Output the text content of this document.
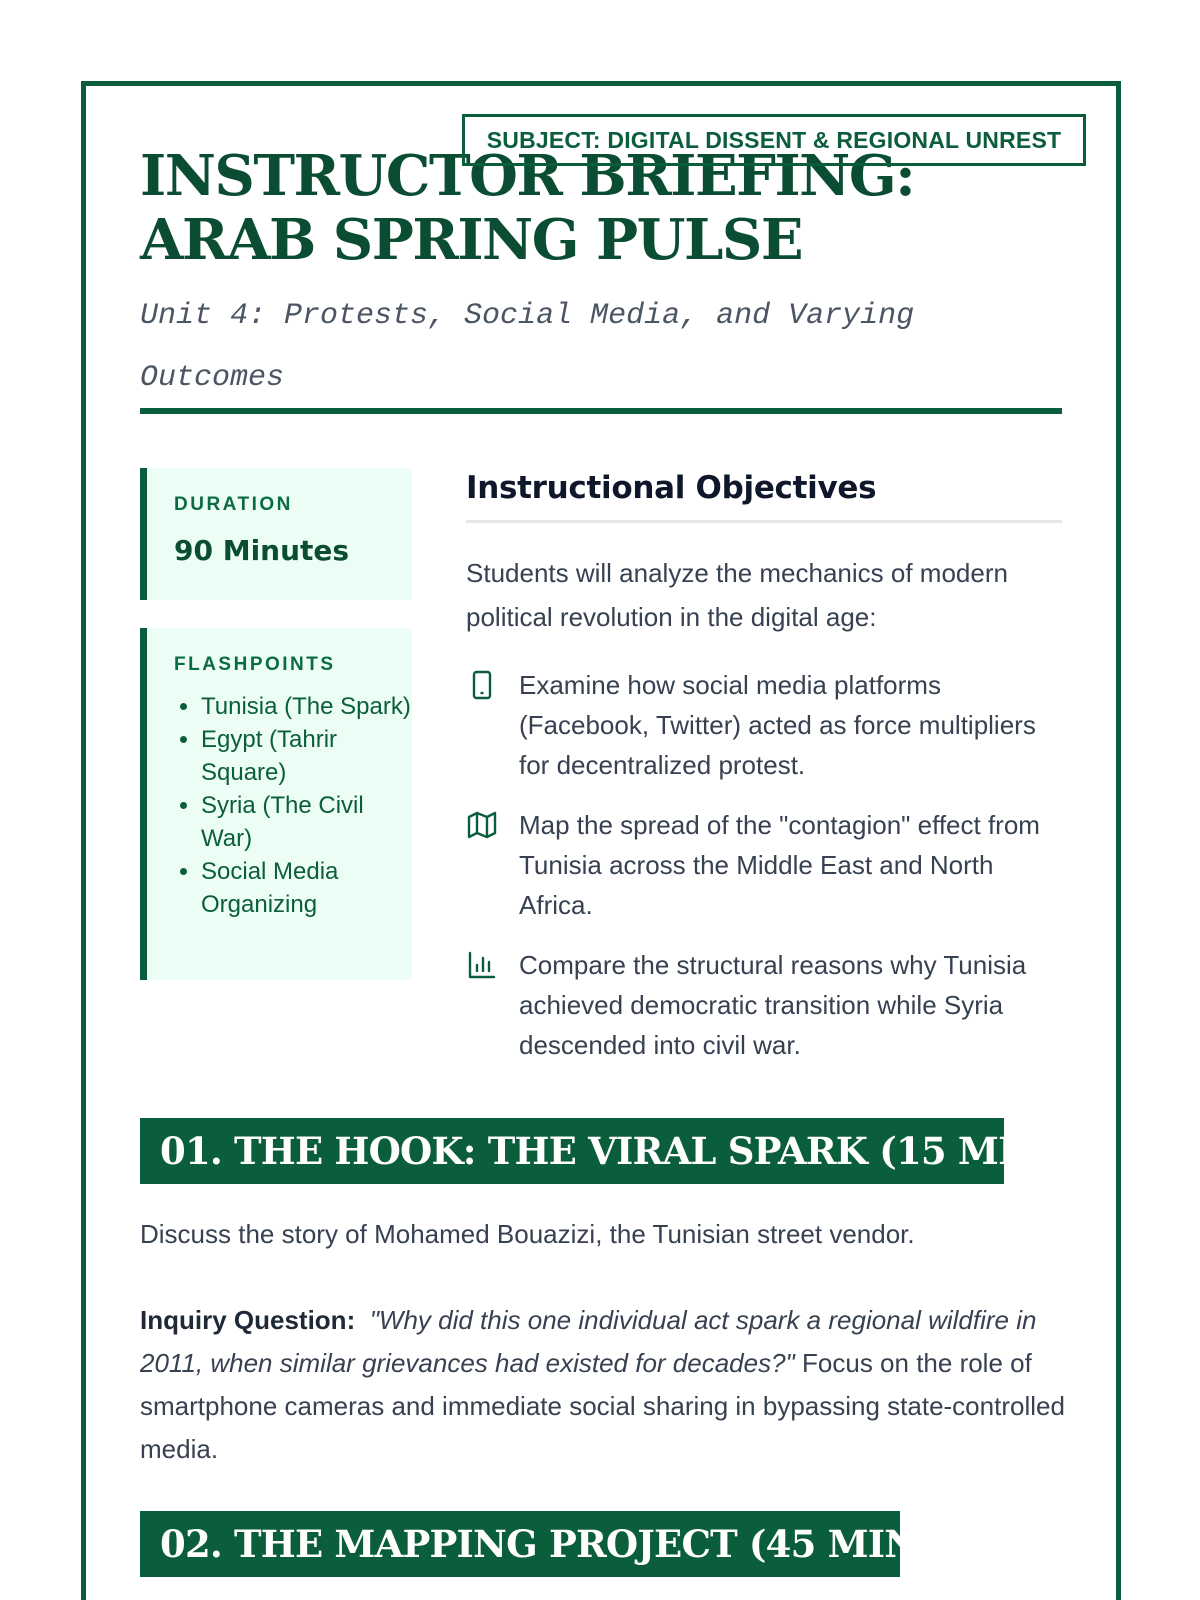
SUBJECT: DIGITAL DISSENT & REGIONAL UNREST
INSTRUCTOR BRIEFING: ARAB SPRING PULSE

Unit 4: Protests, Social Media, and Varying Outcomes

DURATION
90 Minutes
FLASHPOINTS
• Tunisia (The Spark)
• Egypt (Tahrir Square)
• Syria (The Civil War)
• Social Media Organizing
Instructional Objectives

Students will analyze the mechanics of modern political revolution in the digital age:

Examine how social media platforms (Facebook, Twitter) acted as force multipliers for decentralized protest.
Map the spread of the "contagion" effect from Tunisia across the Middle East and North Africa.
Compare the structural reasons why Tunisia achieved democratic transition while Syria descended into civil war.
01. THE HOOK: THE VIRAL SPARK (15 MIN)

Discuss the story of Mohamed Bouazizi, the Tunisian street vendor.

Inquiry Question: "Why did this one individual act spark a regional wildfire in 2011, when similar grievances had existed for decades?" Focus on the role of smartphone cameras and immediate social sharing in bypassing state-controlled media.

02. THE MAPPING PROJECT (45 MIN)
